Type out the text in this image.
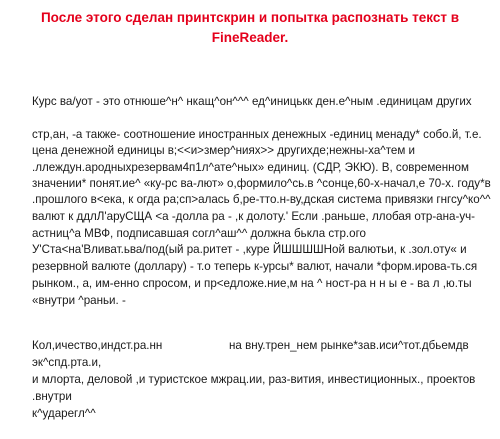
После этого сделан принтскрин и попытка распознать текст в
FineReader.
Курс ва/уот - это отнюше^н^ нкащ^он^^^ ед^иницькк ден.е^ным .единицам других
стр,ан, -а также- соотношение иностранных денежных -единиц менаду* собо.й, т.е.
цена денежной единицы в;<<и>змер^ниях>> другихде;нежны-ха^тем и
.ллеждун.ародныхрезервам4п1л^ате^ных» единиц. (СДР, ЭКЮ). В, современном
значении* понят.ие^ «ку-рс ва-лют» о,формило^сь.в ^сонце,60-х-начал,е 70-х. году*в
.прошлого в<ека, к огда ра;сп>алась б,ре-тто.н-ву,дская система привязки гнгсу^ко^^
валют к ддлЛ'аруСЩА <а -долла ра - ,к долоту.' Если .раньше, ллобая отр-ана-уч-
астниц^а МВФ, подписавшая согл^аш^^ должна бькла стр.ого
У'Ста<на'Вливат.ьва/под(ый ра.ритет - ,куре ЙШШШШНой валютьи, к .зол.оту« и
резервной валюте (доллару) - т.о теперь к-урсы* валют, начали *форм.ирова-ть.ся
рынком., а, им-енно спросом, и пр<едложе.ние,м на ^ ност-ра н н ы е - ва л ,ю.ты
«внутри ^раньи. -
Кол,ичество,индст.ра.нн	на вну.трен_нем рынке*зав.иси^тот.дбьемдв
эк^спд.рта.и,
и млорта, деловой ,и туристское мжрац.ии, раз-вития, инвестиционных., проектов
.внутри
к^удaрегл^^
